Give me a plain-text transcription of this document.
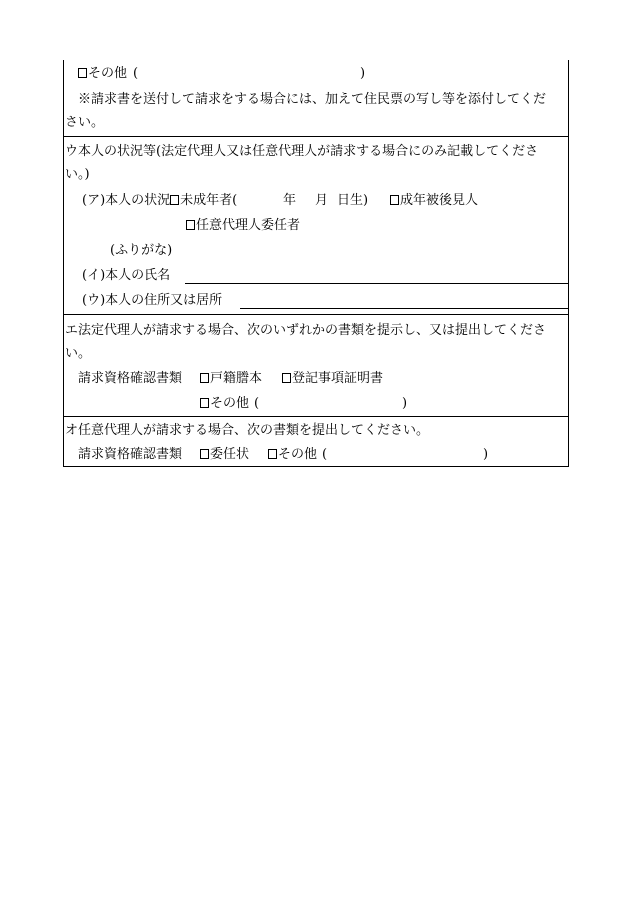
その他 (	)
※請求書を送付して請求をする場合には、加えて住民票の写し等を添付してくだ
さい。
ウ本人の状況等(法定代理人又は任意代理人が請求する場合にのみ記載してくださ
い。)
(ア)本人の状況 未成年者(	年 月 日生)	成年被後見人
任意代理人委任者
(ふりがな)
(イ)本人の氏名
(ウ)本人の住所又は居所
エ法定代理人が請求する場合、次のいずれかの書類を提示し、又は提出してくださ
い。
請求資格確認書類	戸籍謄本	登記事項証明書
その他 (	)
オ任意代理人が請求する場合、次の書類を提出してください。
請求資格確認書類	委任状	その他 (	)
